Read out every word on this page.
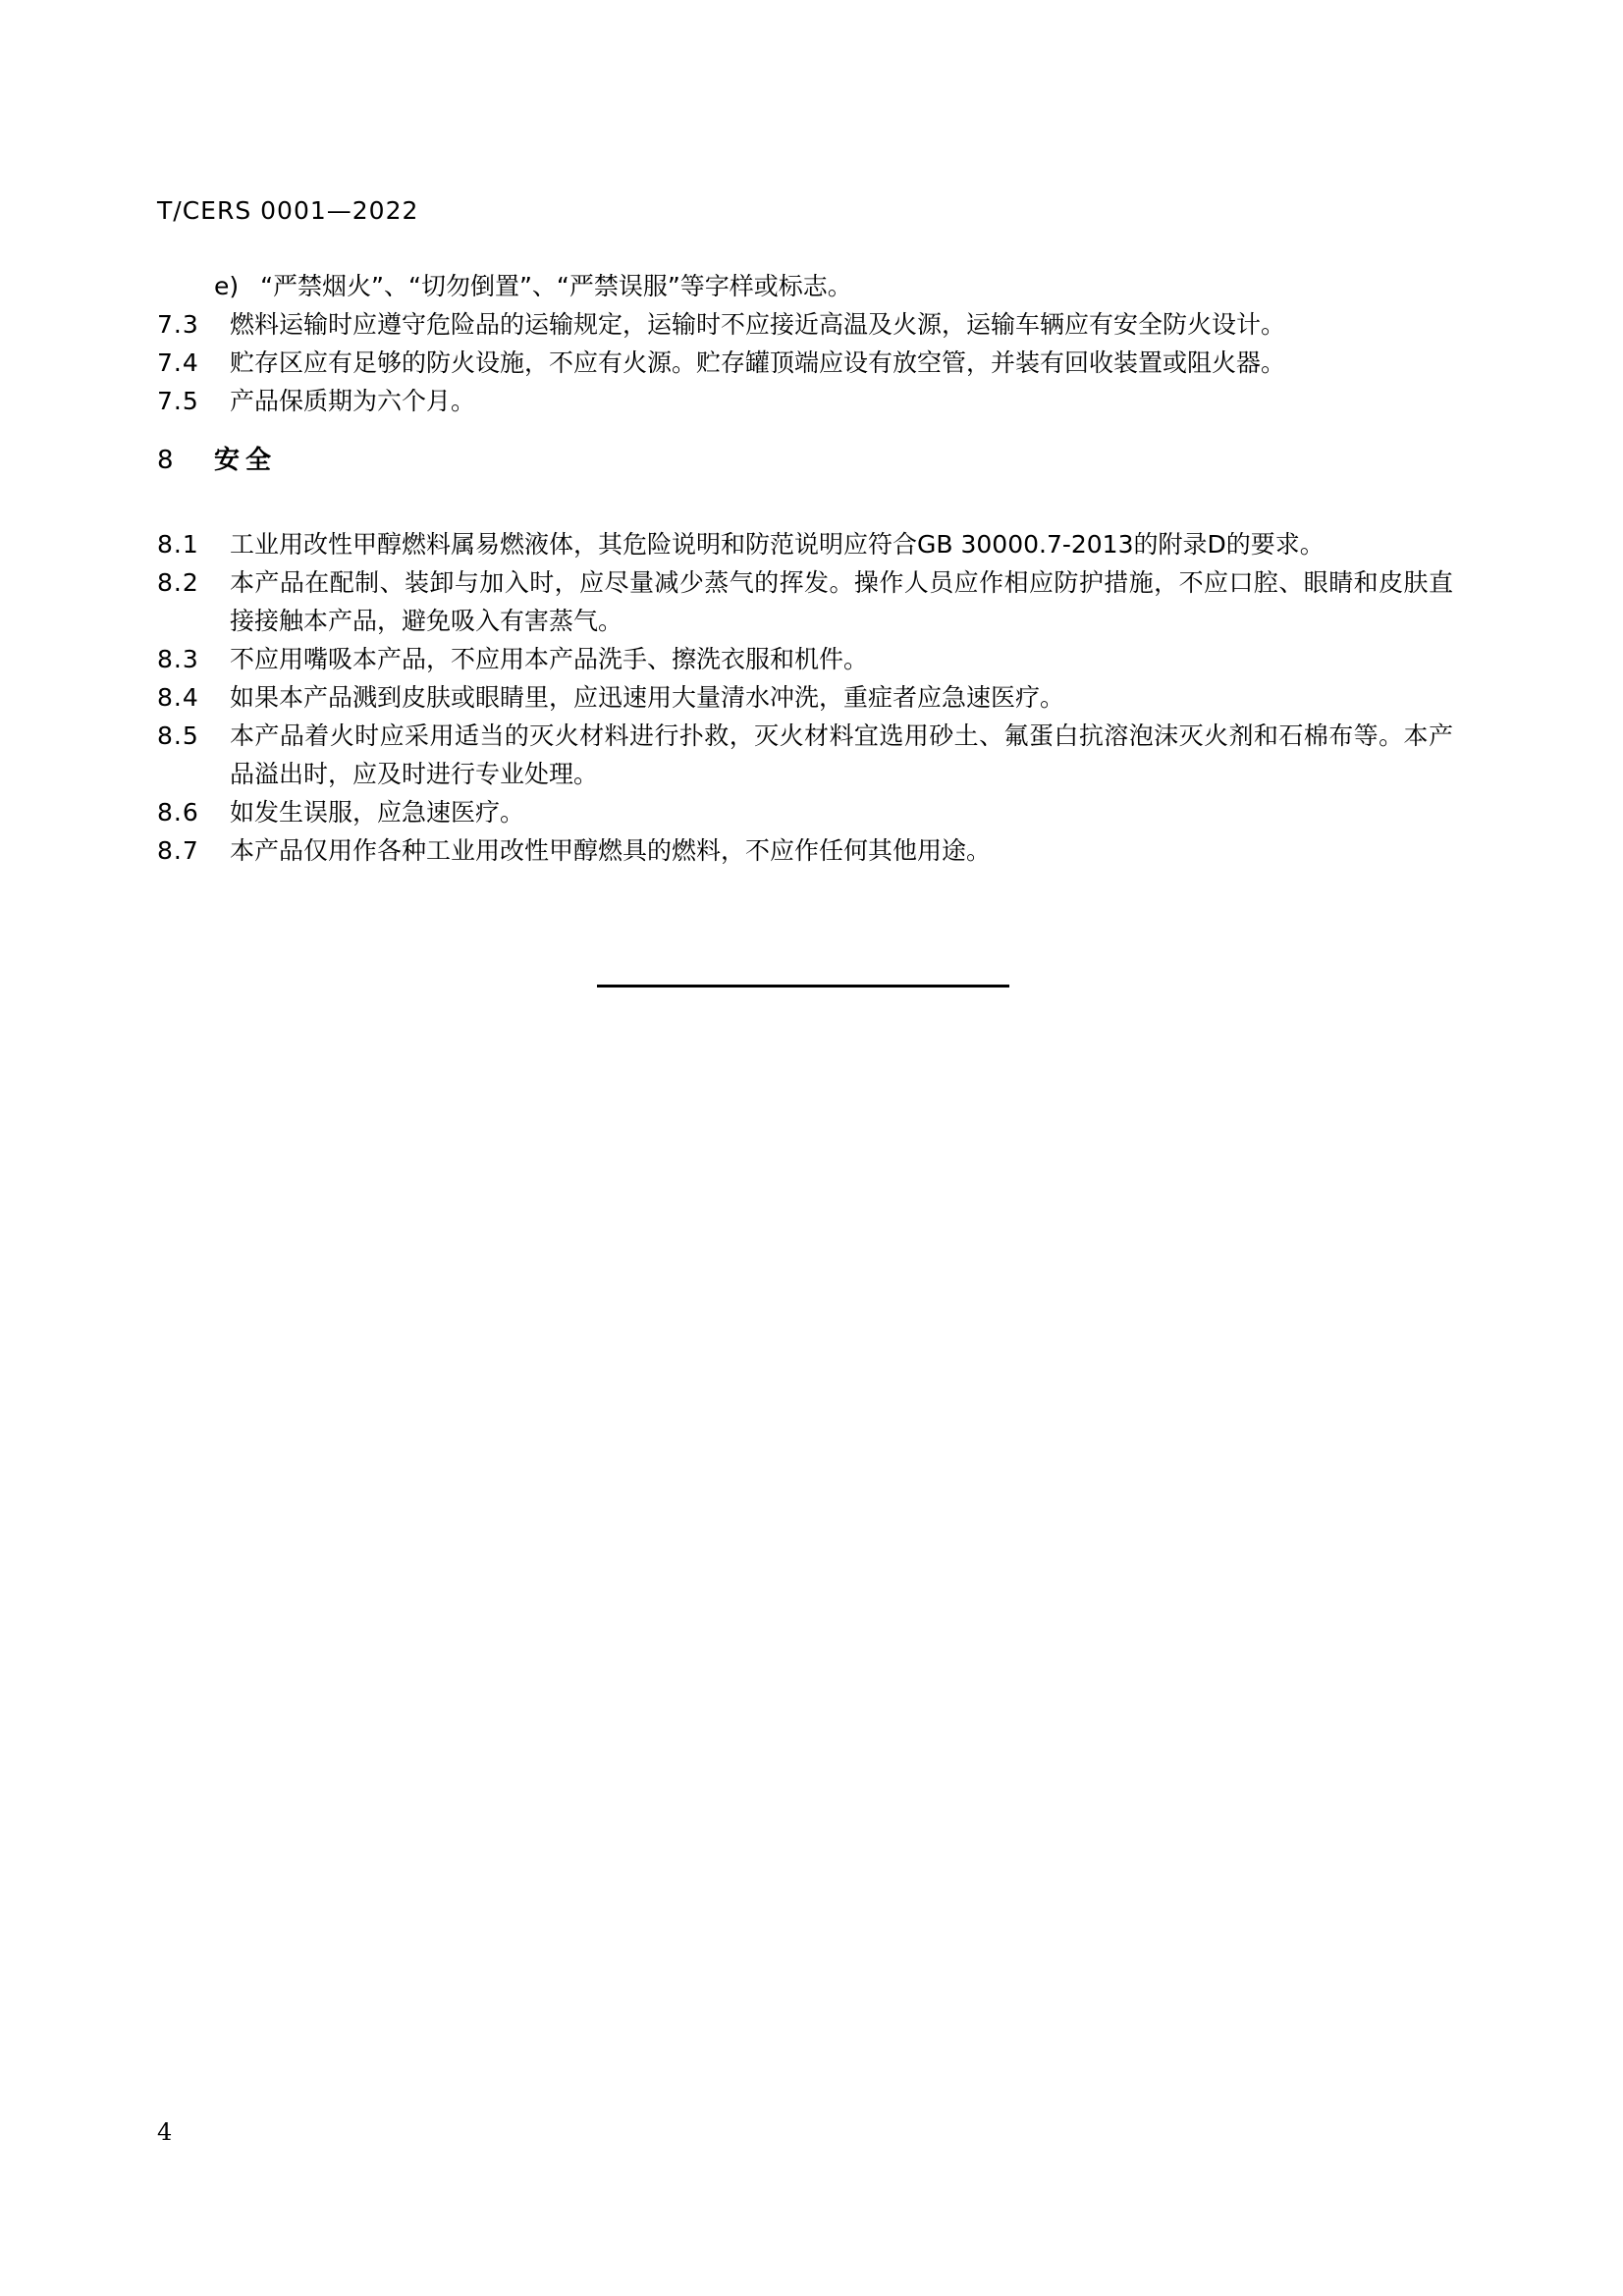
T/CERS 0001—2022
e) “严禁烟火”、“切勿倒置”、“严禁误服”等字样或标志。
7.3	燃料运输时应遵守危险品的运输规定，运输时不应接近高温及火源，运输车辆应有安全防火设计。
7.4	贮存区应有足够的防火设施，不应有火源。贮存罐顶端应设有放空管，并装有回收装置或阻火器。
7.5	产品保质期为六个月。
8	安全
8.1	工业用改性甲醇燃料属易燃液体，其危险说明和防范说明应符合GB 30000.7-2013的附录D的要求。
8.2	本产品在配制、装卸与加入时，应尽量减少蒸气的挥发。操作人员应作相应防护措施，不应口腔、眼睛和皮肤直接接触本产品，避免吸入有害蒸气。
8.3	不应用嘴吸本产品，不应用本产品洗手、擦洗衣服和机件。
8.4	如果本产品溅到皮肤或眼睛里，应迅速用大量清水冲洗，重症者应急速医疗。
8.5	本产品着火时应采用适当的灭火材料进行扑救，灭火材料宜选用砂土、氟蛋白抗溶泡沫灭火剂和石棉布等。本产品溢出时，应及时进行专业处理。
8.6	如发生误服，应急速医疗。
8.7	本产品仅用作各种工业用改性甲醇燃具的燃料，不应作任何其他用途。
4
